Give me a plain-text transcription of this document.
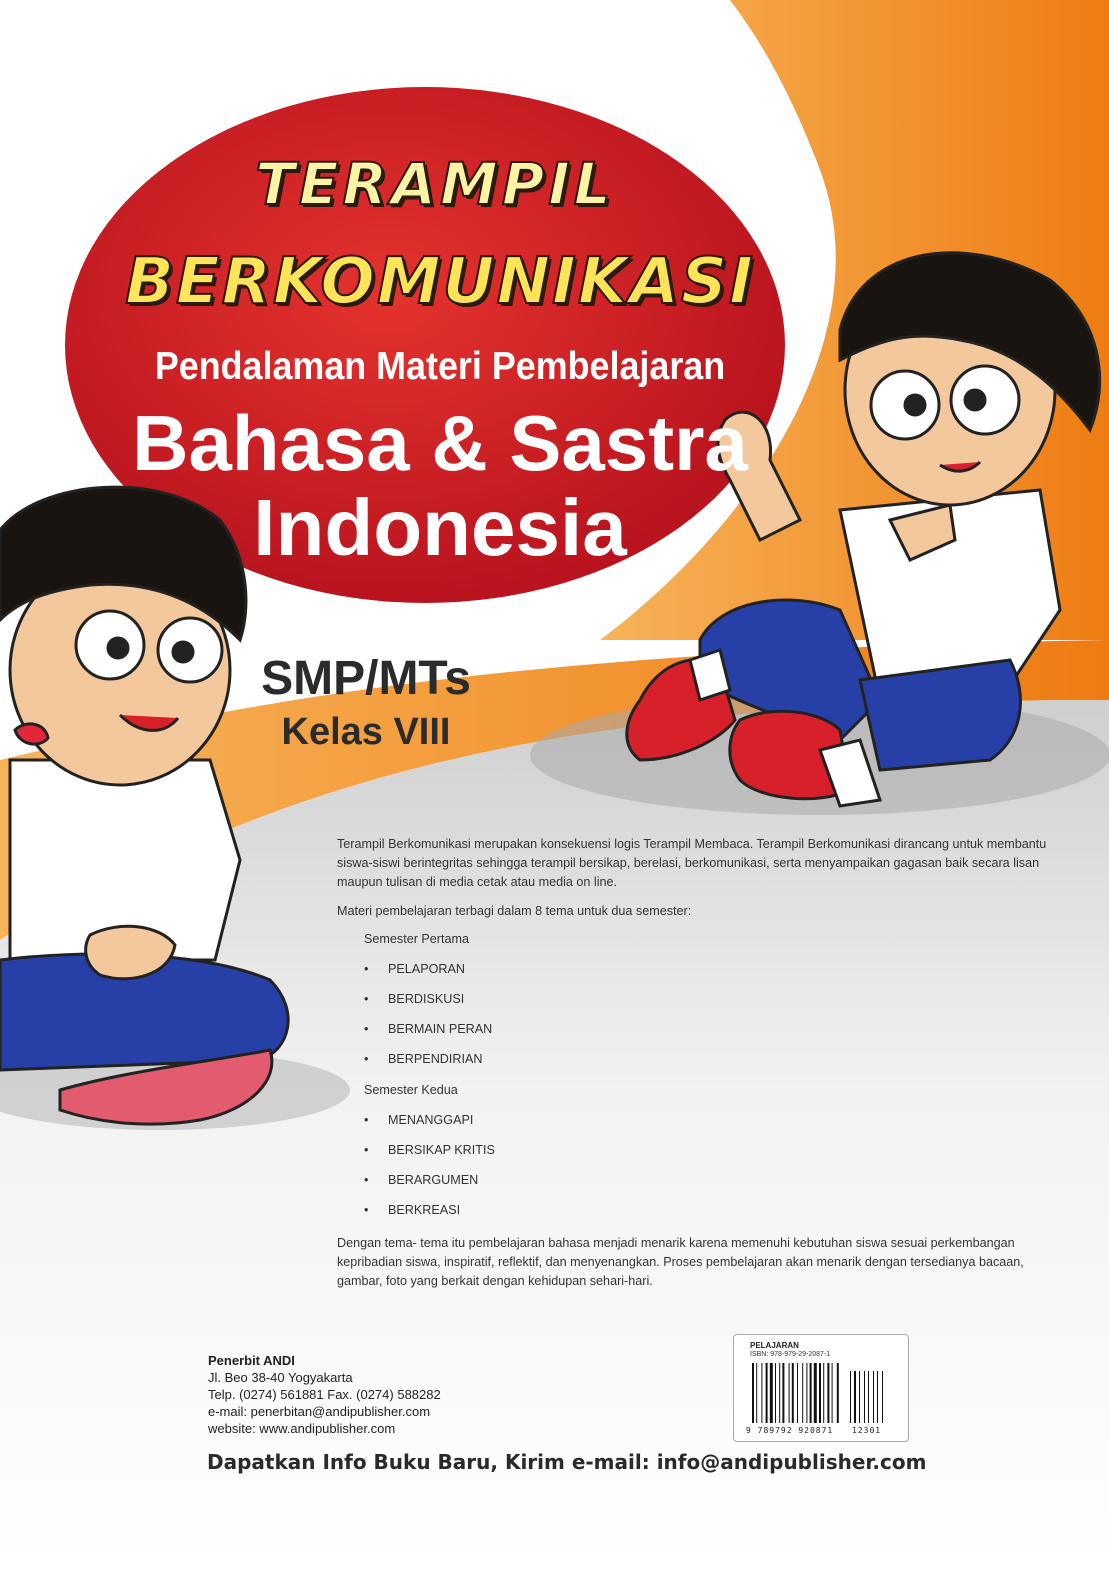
TERAMPIL
BERKOMUNIKASI
Pendalaman Materi Pembelajaran
Bahasa & Sastra
Indonesia
SMP/MTs
Kelas VIII
Terampil Berkomunikasi merupakan konsekuensi logis Terampil Membaca. Terampil Berkomunikasi dirancang untuk membantu siswa-siswi berintegritas sehingga terampil bersikap, berelasi, berkomunikasi, serta menyampaikan gagasan baik secara lisan maupun tulisan di media cetak atau media on line.
Materi pembelajaran terbagi dalam 8 tema untuk dua semester:
Semester Pertama
• PELAPORAN
• BERDISKUSI
• BERMAIN PERAN
• BERPENDIRIAN
Semester Kedua
• MENANGGAPI
• BERSIKAP KRITIS
• BERARGUMEN
• BERKREASI
Dengan tema- tema itu pembelajaran bahasa menjadi menarik karena memenuhi kebutuhan siswa sesuai perkembangan kepribadian siswa, inspiratif, reflektif, dan menyenangkan. Proses pembelajaran akan menarik dengan tersedianya bacaan, gambar, foto yang berkait dengan kehidupan sehari-hari.
Penerbit ANDI
Jl. Beo 38-40 Yogyakarta
Telp. (0274) 561881 Fax. (0274) 588282
e-mail: penerbitan@andipublisher.com
website: www.andipublisher.com
PELAJARAN
ISBN: 978-979-29-2087-1
9 789792 920871 12301
Dapatkan Info Buku Baru, Kirim e-mail: info@andipublisher.com
